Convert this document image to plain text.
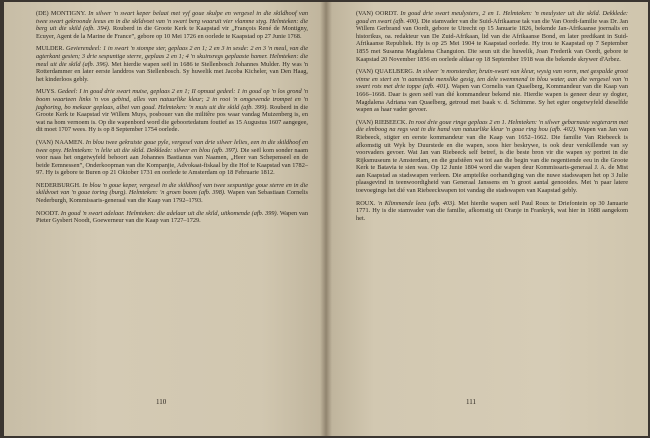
(DE) MONTIGNY. In silwer 'n swart keper belaai met vyf goue skulpe en vergesel in die skildhoof van twee swart gekroonde leeus en in die skildvoet van 'n swart berg waaruit vier vlamme styg. Helmteken: die berg uit die skild (afb. 394). Rouberd in die Groote Kerk te Kaapstad vir „François René de Montigny, Ecuyer, Agent de la Marine de France”, gebore op 10 Mei 1726 en oorlede te Kaapstad op 27 Junie 1768.

MULDER. Gevierendeel: 1 in swart 'n stompe ster, geplaas 2 en 1; 2 en 3 in sesde: 2 en 3 'n meul, van die agterkant gesien; 3 drie sespuntige sterre, geplaas 2 en 1; 4 'n skuinsregs geplaaste hamer. Helmteken: die meul uit die skild (afb. 396). Met hierdie wapen seël in 1686 te Stellenbosch Johannes Mulder. Hy was 'n Rotterdammer en later eerste landdros van Stellenbosch. Sy huwelik met Jacoba Kicheler, van Den Haag, het kinderloos gebly.

MUYS. Gedeel: I in goud drie swart muise, geplaas 2 en 1; II opnuut gedeel: 1 in goud op 'n los grond 'n boom waarteen links 'n vos gebind, alles van natuurlike kleur; 2 in rooi 'n omgewende trompet en 'n jaghoring, bo mekaar geplaas, albei van goud. Helmteken: 'n muis uit die skild (afb. 399). Rouberd in die Groote Kerk te Kaapstad vir Willem Muys, posbouer van die militêre pos waar vandag Muizenberg is, en wat na hom vernoem is. Op die wapenbord word die geboortedatum foutief as 15 Augustus 1607 aangegee, dit moet 1707 wees. Hy is op 8 September 1754 oorlede.

(VAN) NAAMEN. In blou twee gekruiste goue pyle, vergesel van drie silwer lelies, een in die skildhoof en twee opsy. Helmteken: 'n lelie uit die skild. Dekklede: silwer en blou (afb. 397). Die seël kom sonder naam voor naas het ongetwyfeld behoort aan Johannes Bastianus van Naamen, „Heer van Schepenseel en de beide Eemnessen”, Onderkoopman van die Kompanjie, Advokaat-fiskaal by die Hof te Kaapstad van 1782–97. Hy is gebore te Buren op 21 Oktober 1731 en oorlede te Amsterdam op 18 Februarie 1812.

NEDERBURGH. In blou 'n goue keper, vergesel in die skildhoof van twee sespuntige goue sterre en in die skildvoet van 'n goue toring (burg). Helmteken: 'n groen boom (afb. 398). Wapen van Sebastiaan Cornelis Nederburgh, Kommissaris-generaal van die Kaap van 1792–1793.

NOODT. In goud 'n swart adelaar. Helmteken: die adelaar uit die skild, uitkomende (afb. 399). Wapen van Pieter Gysbert Noodt, Goewerneur van die Kaap van 1727–1729.

110

(VAN) OORDT. In goud drie swart meulysters, 2 en 1. Helmteken: 'n meulyster uit die skild. Dekklede: goud en swart (afb. 400). Die stamvader van die Suid-Afrikaanse tak van die Van Oordt-familie was Dr. Jan Willem Gerbrand van Oordt, gebore te Utrecht op 15 Januarie 1826, bekende Jan-Afrikaanse joernalis en historikus, oa. redakteur van De Zuid-Afrikaan, lid van die Afrikaanse Bond, en later predikant in Suid-Afrikaanse Republiek. Hy is op 25 Mei 1904 te Kaapstad oorlede. Hy trou te Kaapstad op 7 September 1855 met Susanna Magdalena Changuion. Die seun uit die huwelik, Joan Frederik van Oordt, gebore te Kaapstad 20 November 1856 en oorlede aldaar op 18 September 1918 was die bekende skrywer d'Arbez.

(VAN) QUAELBERG. In silwer 'n monsterdier, bruin-swart van kleur, wysig van vorm, met gespalde groot vinne en stert en 'n aansiende menslike gesig, ten dele swemmend in blou water, aan die vergesel van 'n swart rots met drie toppe (afb. 401). Wapen van Cornelis van Quaelberg, Kommandeur van die Kaap van 1666–1668. Daar is geen seël van dié kommandeur bekend nie. Hierdie wapen is geneer deur sy dogter, Magdalena Adriana van Quaelberg, getroud met Isaak v. d. Schimme. Sy het egter ongetwyfeld dieselfde wapen as haar vader gevoer.

(VAN) RIEBEECK. In rooi drie goue ringe geplaas 2 en 1. Helmteken: 'n silwer gebarnaste vegterarm met die elmboog na regs wat in die hand van natuurlike kleur 'n goue ring hou (afb. 402). Wapen van Jan van Riebeeck, stigter en eerste kommandeur van die Kaap van 1652–1662. Die familie Van Riebeeck is afkomstig uit Wyk by Duurstede en die wapen, soos hier beskrywe, is ook deur verskillende van sy voorvaders gevoer. Wat Jan van Riebeeck self betref, is die beste bron vir die wapen sy portret in die Rijksmuseum te Amsterdam, en die grafstêen wat tot aan die begin van die negentiende eeu in die Groote Kerk te Batavia te sien was. Op 12 Junie 1804 word die wapen deur Kommissaris-generaal J. A. de Mist aan Kaapstad as stadswapen verleen. Die amptelike oorhandiging van die nuwe stadswapen het op 3 Julie plaasgevind in teenwoordigheid van Generaal Janssens en 'n groot aantal genooides. Met 'n paar latere toevoegings het dié van Riebeeckwapen tot vandag die stadswapen van Kaapstad gebly.

ROUX. 'n Klimmende leeu (afb. 403). Met hierdie wapen seël Paul Roux te Driefontein op 30 Januarie 1771. Hy is die stamvader van die familie, afkomstig uit Oranje in Frankryk, wat hier in 1688 aangekom het.

111
